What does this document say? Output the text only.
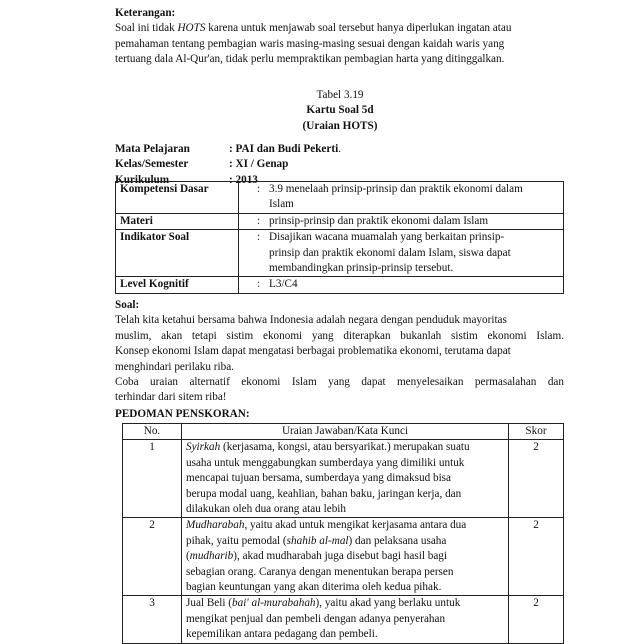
Keterangan:

Soal ini tidak HOTS karena untuk menjawab soal tersebut hanya diperlukan ingatan atau

pemahaman tentang pembagian waris masing-masing sesuai dengan kaidah waris yang

tertuang dala Al-Qur'an, tidak perlu mempraktikan pembagian harta yang ditinggalkan.

Tabel 3.19

Kartu Soal 5d

(Uraian HOTS)

Mata Pelajaran	: PAI dan Budi Pekerti.

Kelas/Semester	: XI / Genap

Kurikulum	: 2013

Kompetensi Dasar	: 3.9 menelaah prinsip-prinsip dan praktik ekonomi dalam
Islam

Materi	: prinsip-prinsip dan praktik ekonomi dalam Islam
Indikator Soal	: Disajikan wacana muamalah yang berkaitan prinsip-
prinsip dan praktik ekonomi dalam Islam, siswa dapat
membandingkan prinsip-prinsip tersebut.

Level Kognitif	: L3/C4

Soal:

Telah kita ketahui bersama bahwa Indonesia adalah negara dengan penduduk mayoritas

muslim, akan tetapi sistim ekonomi yang diterapkan bukanlah sistim ekonomi Islam.

Konsep ekonomi Islam dapat mengatasi berbagai problematika ekonomi, terutama dapat

menghindari perilaku riba.

Coba uraian alternatif ekonomi Islam yang dapat menyelesaikan permasalahan dan

terhindar dari sitem riba!

PEDOMAN PENSKORAN:

No.	Uraian Jawaban/Kata Kunci	Skor
1	Syirkah (kerjasama, kongsi, atau bersyarikat.) merupakan suatu
usaha untuk menggabungkan sumberdaya yang dimiliki untuk
mencapai tujuan bersama, sumberdaya yang dimaksud bisa
berupa modal uang, keahlian, bahan baku, jaringan kerja, dan
dilakukan oleh dua orang atau lebih	2
2	Mudharabah, yaitu akad untuk mengikat kerjasama antara dua
pihak, yaitu pemodal (shahib al-mal) dan pelaksana usaha
(mudharib), akad mudharabah juga disebut bagi hasil bagi
sebagian orang. Caranya dengan menentukan berapa persen
bagian keuntungan yang akan diterima oleh kedua pihak.	2
3	Jual Beli (bai' al-murabahah), yaitu akad yang berlaku untuk
mengikat penjual dan pembeli dengan adanya penyerahan
kepemilikan antara pedagang dan pembeli.	2
